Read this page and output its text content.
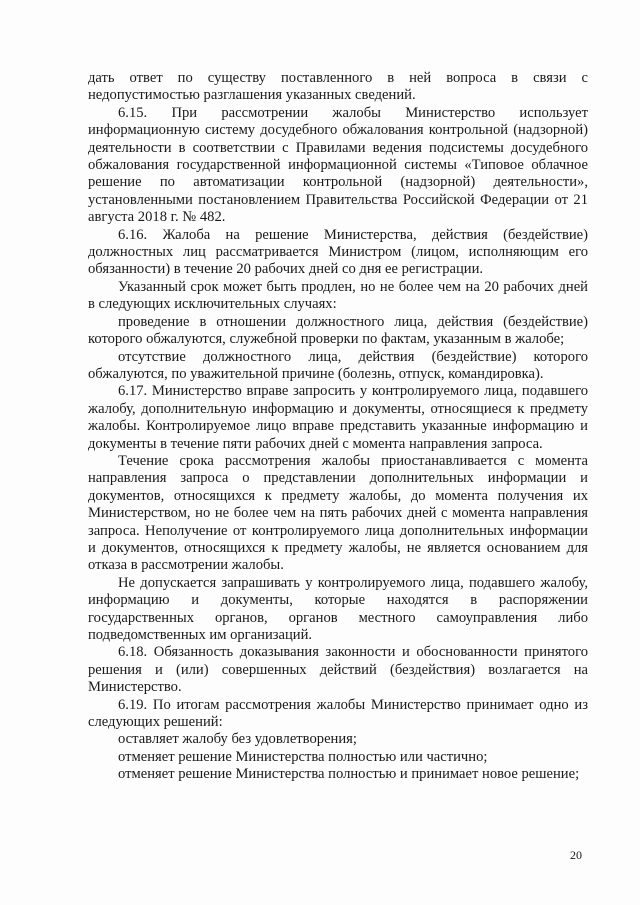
дать ответ по существу поставленного в ней вопроса в связи с недопустимостью разглашения указанных сведений.

6.15. При рассмотрении жалобы Министерство использует информационную систему досудебного обжалования контрольной (надзорной) деятельности в соответствии с Правилами ведения подсистемы досудебного обжалования государственной информационной системы «Типовое облачное решение по автоматизации контрольной (надзорной) деятельности», установленными постановлением Правительства Российской Федерации от 21 августа 2018 г. № 482.

6.16. Жалоба на решение Министерства, действия (бездействие) должностных лиц рассматривается Министром (лицом, исполняющим его обязанности) в течение 20 рабочих дней со дня ее регистрации.

Указанный срок может быть продлен, но не более чем на 20 рабочих дней в следующих исключительных случаях:

проведение в отношении должностного лица, действия (бездействие) которого обжалуются, служебной проверки по фактам, указанным в жалобе;

отсутствие должностного лица, действия (бездействие) которого обжалуются, по уважительной причине (болезнь, отпуск, командировка).

6.17. Министерство вправе запросить у контролируемого лица, подавшего жалобу, дополнительную информацию и документы, относящиеся к предмету жалобы. Контролируемое лицо вправе представить указанные информацию и документы в течение пяти рабочих дней с момента направления запроса.

Течение срока рассмотрения жалобы приостанавливается с момента направления запроса о представлении дополнительных информации и документов, относящихся к предмету жалобы, до момента получения их Министерством, но не более чем на пять рабочих дней с момента направления запроса. Неполучение от контролируемого лица дополнительных информации и документов, относящихся к предмету жалобы, не является основанием для отказа в рассмотрении жалобы.

Не допускается запрашивать у контролируемого лица, подавшего жалобу, информацию и документы, которые находятся в распоряжении государственных органов, органов местного самоуправления либо подведомственных им организаций.

6.18. Обязанность доказывания законности и обоснованности принятого решения и (или) совершенных действий (бездействия) возлагается на Министерство.

6.19. По итогам рассмотрения жалобы Министерство принимает одно из следующих решений:

оставляет жалобу без удовлетворения;

отменяет решение Министерства полностью или частично;

отменяет решение Министерства полностью и принимает новое решение;

20
